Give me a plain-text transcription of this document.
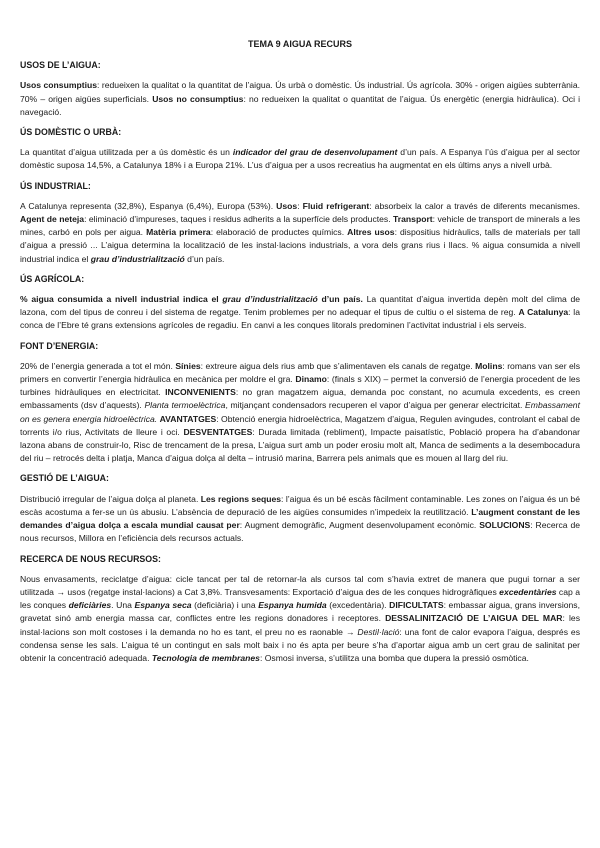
TEMA 9 AIGUA RECURS
USOS DE L’AIGUA:
Usos consumptius: redueixen la qualitat o la quantitat de l’aigua. Ús urbà o domèstic. Ús industrial. Ús agrícola. 30% - origen aigües subterrània. 70% – origen aigües superficials. Usos no consumptius: no redueixen la qualitat o quantitat de l’aigua. Ús energètic (energia hidràulica). Oci i navegació.
ÚS DOMÈSTIC O URBÀ:
La quantitat d’aigua utilitzada per a ús domèstic és un indicador del grau de desenvolupament d’un país. A Espanya l’ús d’aigua per al sector domèstic suposa 14,5%, a Catalunya 18% i a Europa 21%. L’us d’aigua per a usos recreatius ha augmentat en els últims anys a nivell urbà.
ÚS INDUSTRIAL:
A Catalunya representa (32,8%), Espanya (6,4%), Europa (53%). Usos: Fluid refrigerant: absorbeix la calor a través de diferents mecanismes. Agent de neteja: eliminació d’impureses, taques i residus adherits a la superfície dels productes. Transport: vehicle de transport de minerals a les mines, carbó en pols per aigua. Matèria primera: elaboració de productes químics. Altres usos: dispositius hidràulics, talls de materials per tall d’aigua a pressió ... L’aigua determina la localització de les instal·lacions industrials, a vora dels grans rius i llacs. % aigua consumida a nivell industrial indica el grau d’industrialització d’un país.
ÚS AGRÍCOLA:
% aigua consumida a nivell industrial indica el grau d’industrialització d’un país. La quantitat d’aigua invertida depèn molt del clima de lazona, com del tipus de conreu i del sistema de regatge. Tenim problemes per no adequar el tipus de cultiu o el sistema de reg. A Catalunya: la conca de l’Ebre té grans extensions agrícoles de regadiu. En canvi a les conques litorals predominen l’activitat industrial i els serveis.
FONT D’ENERGIA:
20% de l’energia generada a tot el món. Sínies: extreure aigua dels rius amb que s’alimentaven els canals de regatge. Molins: romans van ser els primers en convertir l’energia hidràulica en mecànica per moldre el gra. Dinamo: (finals s XIX) – permet la conversió de l’energia procedent de les turbines hidràuliques en electricitat. INCONVENIENTS: no gran magatzem aigua, demanda poc constant, no acumula excedents, es creen embassaments (dsv d’aquests). Planta termoelèctrica, mitjançant condensadors recuperen el vapor d’aigua per generar electricitat. Embassament on es genera energia hidroelèctrica. AVANTATGES: Obtenció energia hidroelèctrica, Magatzem d’aigua, Regulen avingudes, controlant el cabal de torrents i/o rius, Activitats de lleure i oci. DESVENTATGES: Durada limitada (rebliment), Impacte paisatístic, Població propera ha d’abandonar lazona abans de construir-lo, Risc de trencament de la presa, L’aigua surt amb un poder erosiu molt alt, Manca de sediments a la desembocadura del riu – retrocés delta i platja, Manca d’aigua dolça al delta – intrusió marina, Barrera pels animals que es mouen al llarg del riu.
GESTIÓ DE L’AIGUA:
Distribució irregular de l’aigua dolça al planeta. Les regions seques: l’aigua és un bé escàs fàcilment contaminable. Les zones on l’aigua és un bé escàs acostuma a fer-se un ús abusiu. L’absència de depuració de les aigües consumides n’impedeix la reutilització. L’augment constant de les demandes d’aigua dolça a escala mundial causat per: Augment demogràfic, Augment desenvolupament econòmic. SOLUCIONS: Recerca de nous recursos, Millora en l’eficiència dels recursos actuals.
RECERCA DE NOUS RECURSOS:
Nous envasaments, reciclatge d’aigua: cicle tancat per tal de retornar-la als cursos tal com s’havia extret de manera que pugui tornar a ser utilitzada → usos (regatge instal·lacions) a Cat 3,8%. Transvesaments: Exportació d’aigua des de les conques hidrogràfiques excedentàries cap a les conques deficiàries. Una Espanya seca (deficiària) i una Espanya humida (excedentària). DIFICULTATS: embassar aigua, grans inversions, gravetat sinó amb energia massa car, conflictes entre les regions donadores i receptores. DESSALINITZACIÓ DE L’AIGUA DEL MAR: les instal·lacions son molt costoses i la demanda no ho es tant, el preu no es raonable → Destil·lació: una font de calor evapora l’aigua, després es condensa sense les sals. L’aigua té un contingut en sals molt baix i no és apta per beure s’ha d’aportar aigua amb un cert grau de salinitat per obtenir la concentració adequada. Tecnologia de membranes: Osmosi inversa, s’utilitza una bomba que dupera la pressió osmòtica.
